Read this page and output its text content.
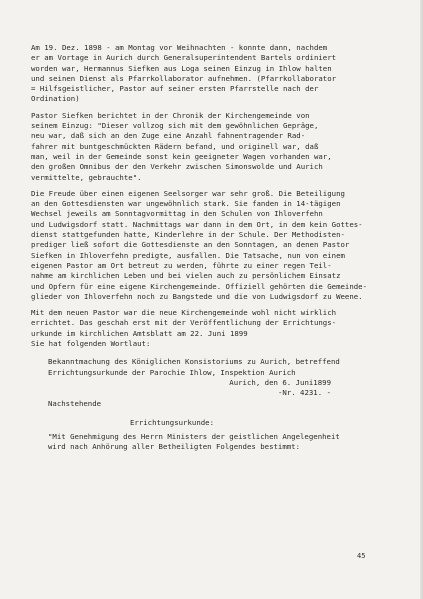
Am 19. Dez. 1898 - am Montag vor Weihnachten - konnte dann, nachdem
er am Vortage in Aurich durch Generalsuperintendent Bartels ordiniert
worden war, Hermannus Siefken aus Loga seinen Einzug in Ihlow halten
und seinen Dienst als Pfarrkollaborator aufnehmen. (Pfarrkollaborator
= Hilfsgeistlicher, Pastor auf seiner ersten Pfarrstelle nach der
Ordination)
Pastor Siefken berichtet in der Chronik der Kirchengemeinde von
seinem Einzug: "Dieser vollzog sich mit dem gewöhnlichen Gepräge,
neu war, daß sich an den Zuge eine Anzahl fahnentragender Rad-
fahrer mit buntgeschmückten Rädern befand, und originell war, daß
man, weil in der Gemeinde sonst kein geeigneter Wagen vorhanden war,
den großen Omnibus der den Verkehr zwischen Simonswolde und Aurich
vermittelte, gebrauchte".
Die Freude über einen eigenen Seelsorger war sehr groß. Die Beteiligung
an den Gottesdiensten war ungewöhnlich stark. Sie fanden in 14-tägigen
Wechsel jeweils am Sonntagvormittag in den Schulen von Ihloverfehn
und Ludwigsdorf statt. Nachmittags war dann in dem Ort, in dem kein Gottes-
dienst stattgefunden hatte, Kinderlehre in der Schule. Der Methodisten-
prediger ließ sofort die Gottesdienste an den Sonntagen, an denen Pastor
Siefken in Ihloverfehn predigte, ausfallen. Die Tatsache, nun von einem
eigenen Pastor am Ort betreut zu werden, führte zu einer regen Teil-
nahme am kirchlichen Leben und bei vielen auch zu persönlichem Einsatz
und Opfern für eine eigene Kirchengemeinde. Offiziell gehörten die Gemeinde-
glieder von Ihloverfehn noch zu Bangstede und die von Ludwigsdorf zu Weene.
Mit dem neuen Pastor war die neue Kirchengemeinde wohl nicht wirklich
errichtet. Das geschah erst mit der Veröffentlichung der Errichtungs-
urkunde im kirchlichen Amtsblatt am 22. Juni 1899
Sie hat folgenden Wortlaut:
Bekanntmachung des Königlichen Konsistoriums zu Aurich, betreffend
Errichtungsurkunde der Parochie Ihlow, Inspektion Aurich
Aurich, den 6. Juni1899
-Nr. 4231. -
Nachstehende
Errichtungsurkunde:
"Mit Genehmigung des Herrn Ministers der geistlichen Angelegenheit
wird nach Anhörung aller Betheiligten Folgendes bestimmt:
45
